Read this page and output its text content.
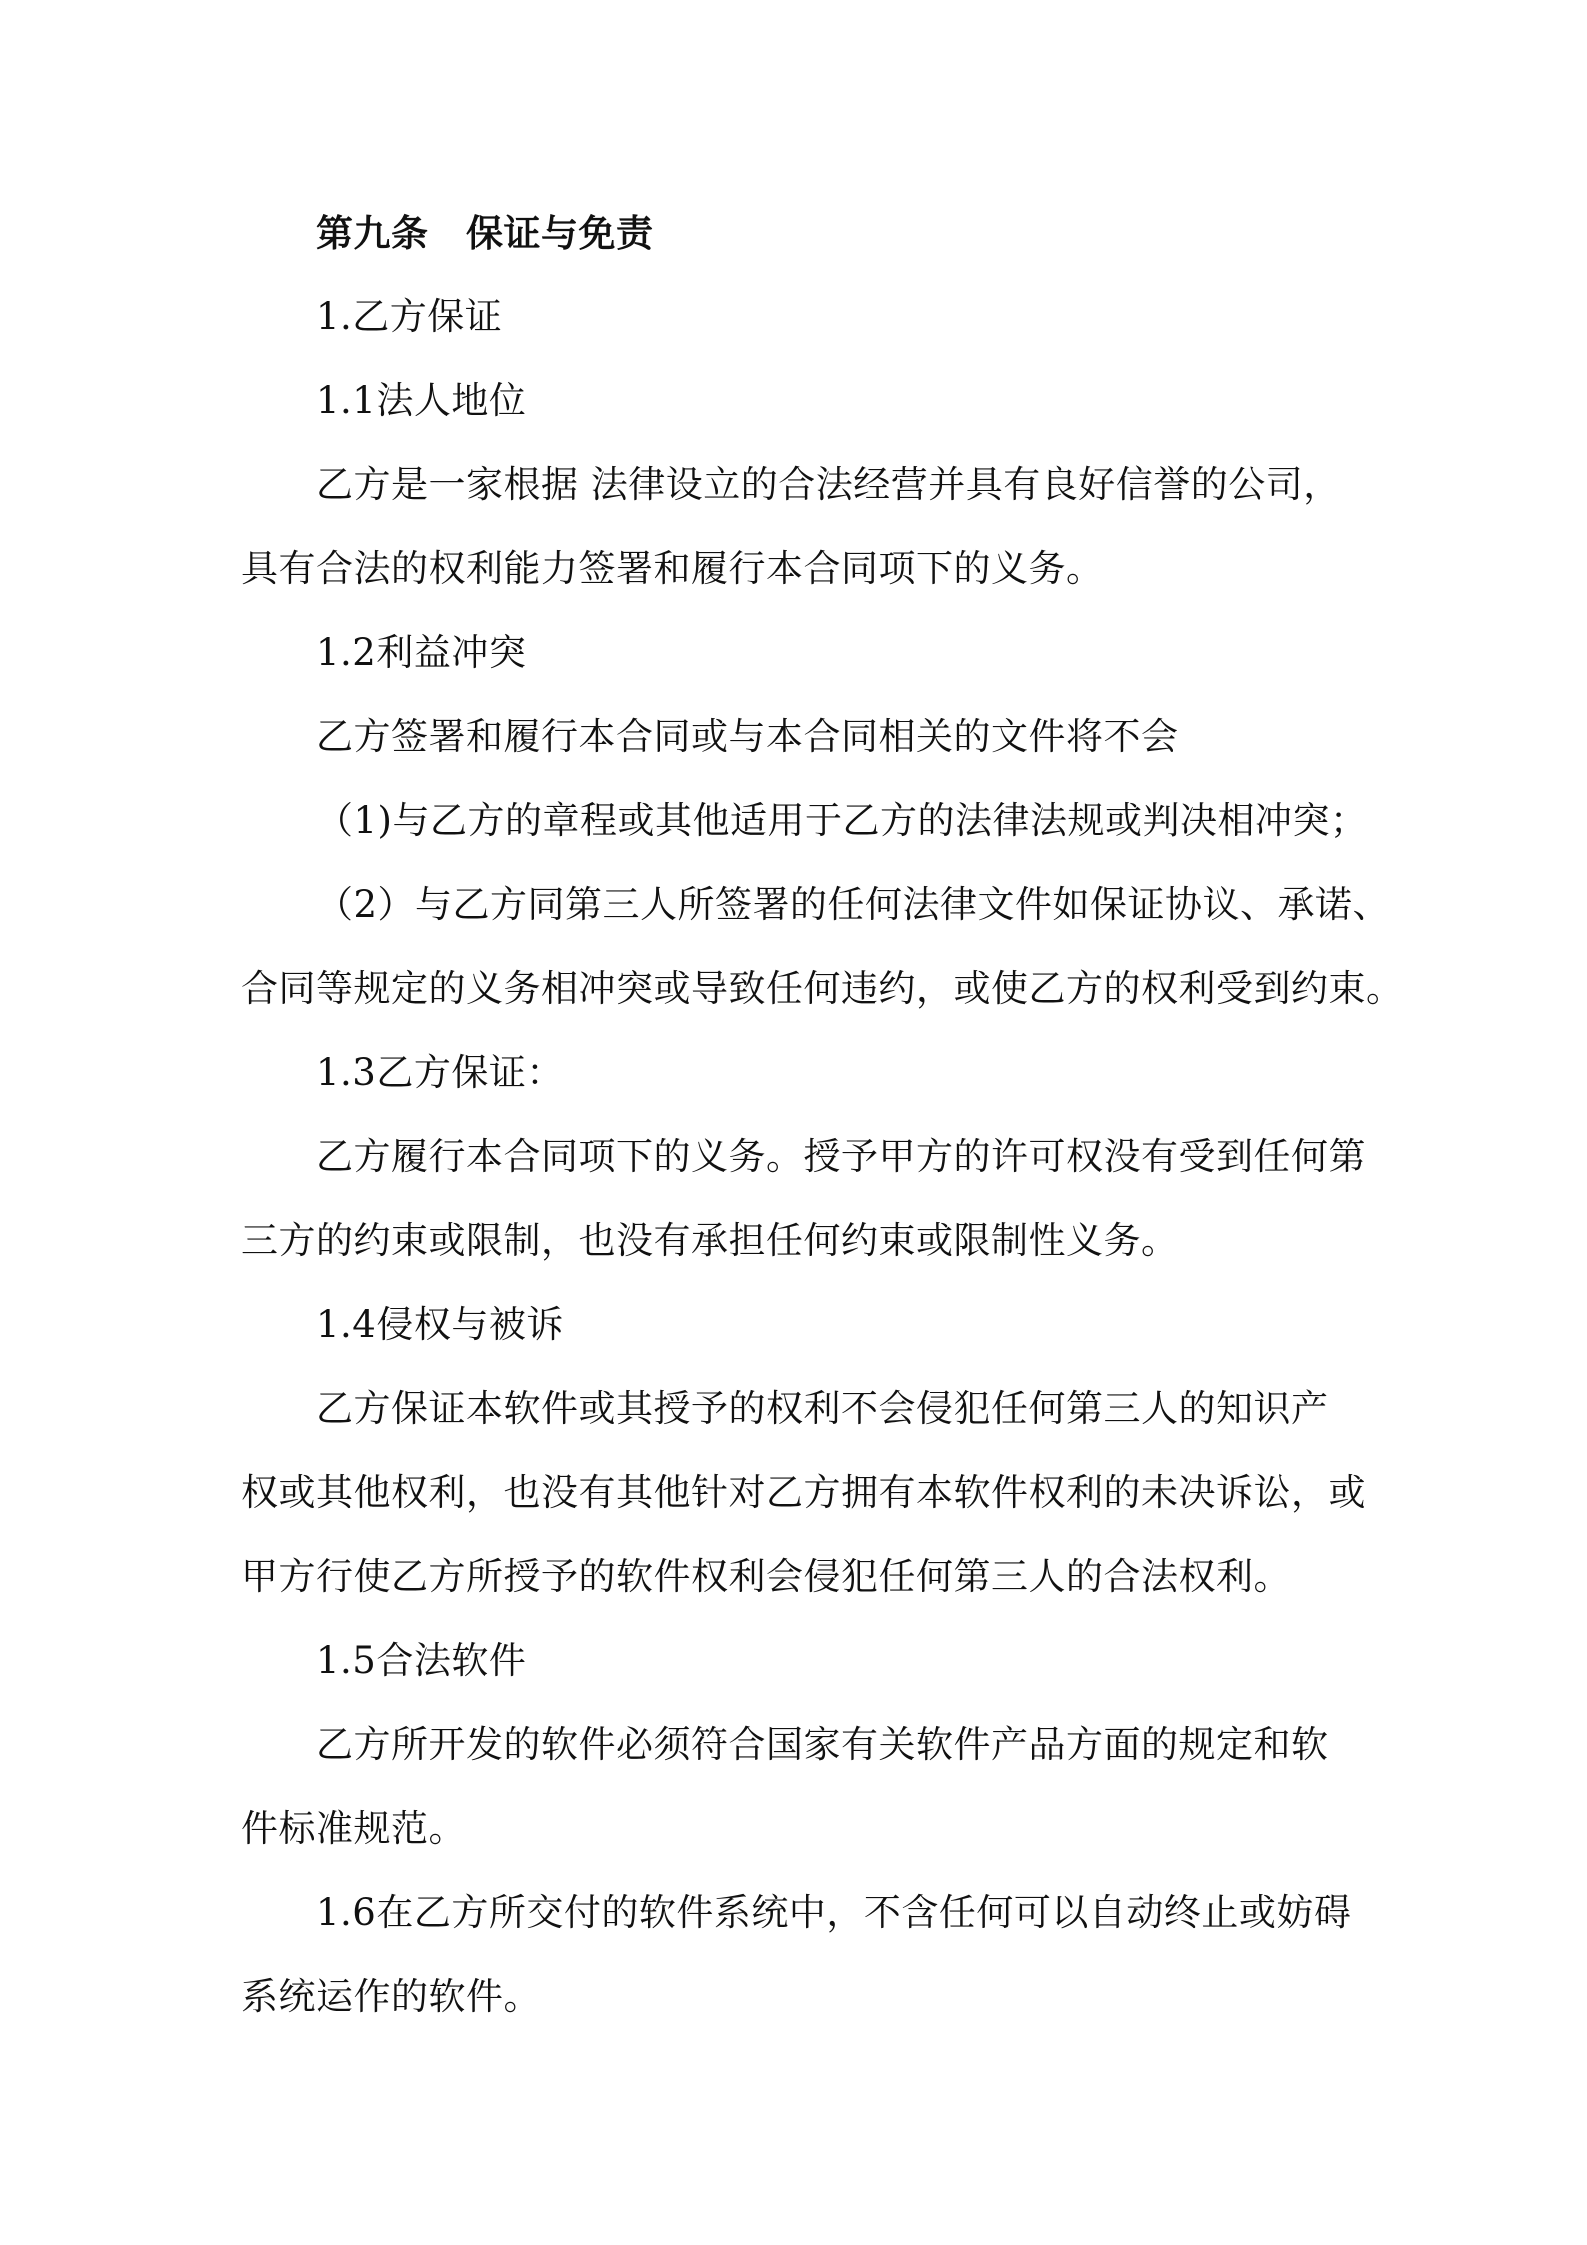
第九条　保证与免责
1.乙方保证
1.1法人地位
乙方是一家根据 法律设立的合法经营并具有良好信誉的公司，
具有合法的权利能力签署和履行本合同项下的义务。
1.2利益冲突
乙方签署和履行本合同或与本合同相关的文件将不会
（1)与乙方的章程或其他适用于乙方的法律法规或判决相冲突；
（2）与乙方同第三人所签署的任何法律文件如保证协议、承诺、
合同等规定的义务相冲突或导致任何违约，或使乙方的权利受到约束。
1.3乙方保证：
乙方履行本合同项下的义务。授予甲方的许可权没有受到任何第
三方的约束或限制，也没有承担任何约束或限制性义务。
1.4侵权与被诉
乙方保证本软件或其授予的权利不会侵犯任何第三人的知识产
权或其他权利，也没有其他针对乙方拥有本软件权利的未决诉讼，或
甲方行使乙方所授予的软件权利会侵犯任何第三人的合法权利。
1.5合法软件
乙方所开发的软件必须符合国家有关软件产品方面的规定和软
件标准规范。
1.6在乙方所交付的软件系统中，不含任何可以自动终止或妨碍
系统运作的软件。
